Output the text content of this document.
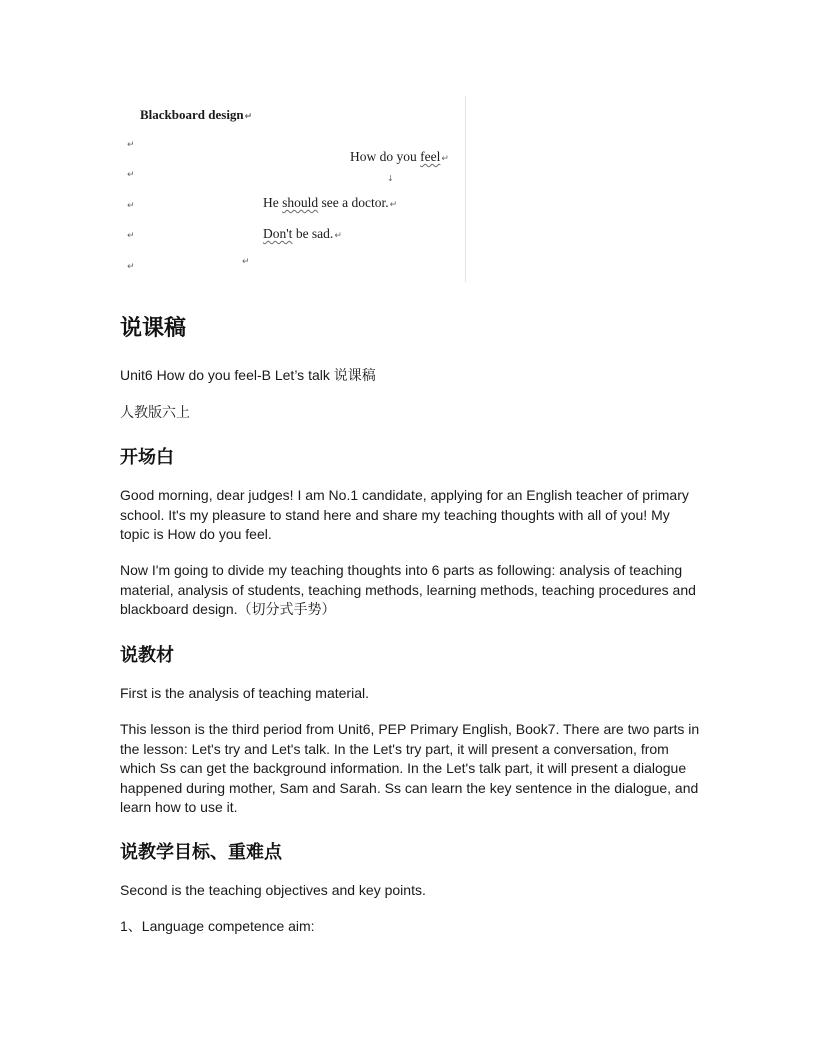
Blackboard design↵
↵
↵
↵
↵
↵
How do you feel↵
↓
He should see a doctor.↵
Don't be sad.↵
↵
说课稿
Unit6 How do you feel-B Let’s talk 说课稿
人教版六上
开场白
Good morning, dear judges! I am No.1 candidate, applying for an English teacher of primary school. It's my pleasure to stand here and share my teaching thoughts with all of you! My topic is How do you feel.
Now I'm going to divide my teaching thoughts into 6 parts as following: analysis of teaching material, analysis of students, teaching methods, learning methods, teaching procedures and blackboard design.（切分式手势）
说教材
First is the analysis of teaching material.
This lesson is the third period from Unit6, PEP Primary English, Book7. There are two parts in the lesson: Let's try and Let's talk. In the Let's try part, it will present a conversation, from which Ss can get the background information. In the Let's talk part, it will present a dialogue happened during mother, Sam and Sarah. Ss can learn the key sentence in the dialogue, and learn how to use it.
说教学目标、重难点
Second is the teaching objectives and key points.
1、Language competence aim:
